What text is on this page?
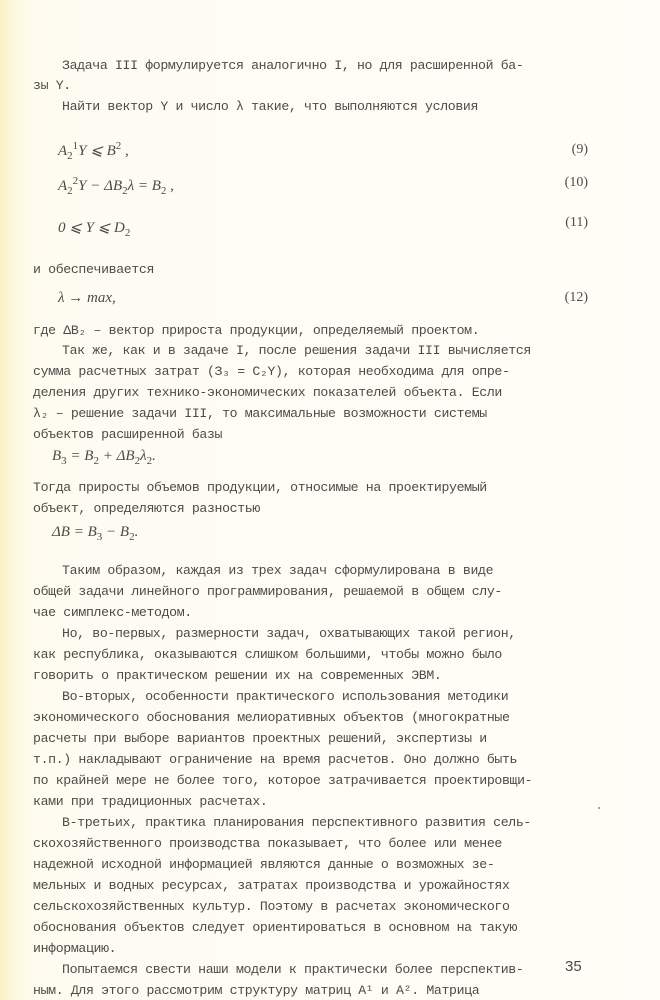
Задача III формулируется аналогично I, но для расширенной ба-
зы Y.
Найти вектор Y и число λ такие, что выполняются условия
и обеспечивается
где ΔB₂ – вектор прироста продукции, определяемый проектом.
Так же, как и в задаче I, после решения задачи III вычисляется
сумма расчетных затрат (З₃ = C₂Y), которая необходима для опре-
деления других технико-экономических показателей объекта. Если
λ₂ – решение задачи III, то максимальные возможности системы
объектов расширенной базы
Тогда приросты объемов продукции, относимые на проектируемый
объект, определяются разностью
Таким образом, каждая из трех задач сформулирована в виде
общей задачи линейного программирования, решаемой в общем слу-
чае симплекс-методом.
Но, во-первых, размерности задач, охватывающих такой регион,
как республика, оказываются слишком большими, чтобы можно было
говорить о практическом решении их на современных ЭВМ.
Во-вторых, особенности практического использования методики
экономического обоснования мелиоративных объектов (многократные
расчеты при выборе вариантов проектных решений, экспертизы и
т.п.) накладывают ограничение на время расчетов. Оно должно быть
по крайней мере не более того, которое затрачивается проектировщи-
ками при традиционных расчетах.
В-третьих, практика планирования перспективного развития сель-
скохозяйственного производства показывает, что более или менее
надежной исходной информацией являются данные о возможных зе-
мельных и водных ресурсах, затратах производства и урожайностях
сельскохозяйственных культур. Поэтому в расчетах экономического
обоснования объектов следует ориентироваться в основном на такую
информацию.
Попытаемся свести наши модели к практически более перспектив-
ным. Для этого рассмотрим структуру матриц A¹ и A². Матрица
$A_2^1Y$ ⩽ $B^2$ ,	(9)
$A_2^2Y - \Delta B_2\lambda = B_2$ ,	(10)
0 ⩽ Y ⩽ $D_2$
(11)
λ → max,	(12)
$B_3 = B_2 + \Delta B_2\lambda_2$.
$\Delta B = B_3 - B_2$.
35
